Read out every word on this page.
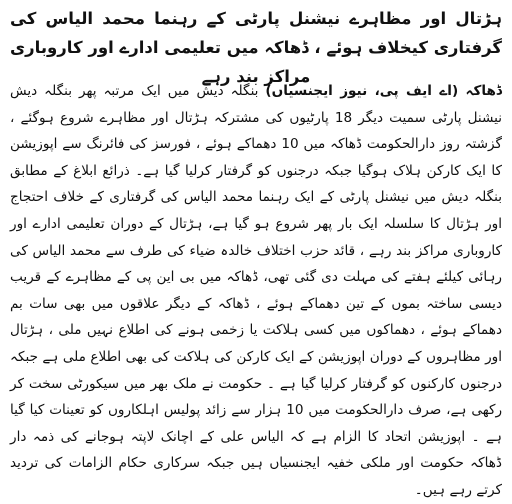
ہڑتال اور مظاہرے نیشنل پارٹی کے رہنما محمد الیاس کی گرفتاری کیخلاف ہوئے ، ڈھاکہ میں تعلیمی ادارے اور کاروباری مراکز بند رہے

ڈھاکہ (اے ایف پی، نیوز ایجنسیاں) بنگلہ دیش میں ایک مرتبہ پھر بنگلہ دیش نیشنل پارٹی سمیت دیگر 18 پارٹیوں کی مشترکہ ہڑتال اور مظاہرے شروع ہوگئے ، گزشتہ روز دارالحکومت ڈھاکہ میں 10 دھماکے ہوئے ، فورسز کی فائرنگ سے اپوزیشن کا ایک کارکن ہلاک ہوگیا جبکہ درجنوں کو گرفتار کرلیا گیا ہے۔ ذرائع ابلاغ کے مطابق بنگلہ دیش میں نیشنل پارٹی کے ایک رہنما محمد الیاس کی گرفتاری کے خلاف احتجاج اور ہڑتال کا سلسلہ ایک بار پھر شروع ہو گیا ہے، ہڑتال کے دوران تعلیمی ادارے اور کاروباری مراکز بند رہے ، قائد حزب اختلاف خالدہ ضیاء کی طرف سے محمد الیاس کی رہائی کیلئے ہفتے کی مہلت دی گئی تھی، ڈھاکہ میں بی این پی کے مظاہرے کے قریب دیسی ساختہ بموں کے تین دھماکے ہوئے ، ڈھاکہ کے دیگر علاقوں میں بھی سات بم دھماکے ہوئے ، دھماکوں میں کسی ہلاکت یا زخمی ہونے کی اطلاع نہیں ملی ، ہڑتال اور مظاہروں کے دوران اپوزیشن کے ایک کارکن کی ہلاکت کی بھی اطلاع ملی ہے جبکہ درجنوں کارکنوں کو گرفتار کرلیا گیا ہے ۔ حکومت نے ملک بھر میں سیکورٹی سخت کر رکھی ہے، صرف دارالحکومت میں 10 ہزار سے زائد پولیس اہلکاروں کو تعینات کیا گیا ہے ۔ اپوزیشن اتحاد کا الزام ہے کہ الیاس علی کے اچانک لاپتہ ہوجانے کی ذمہ دار ڈھاکہ حکومت اور ملکی خفیہ ایجنسیاں ہیں جبکہ سرکاری حکام الزامات کی تردید کرتے رہے ہیں۔
